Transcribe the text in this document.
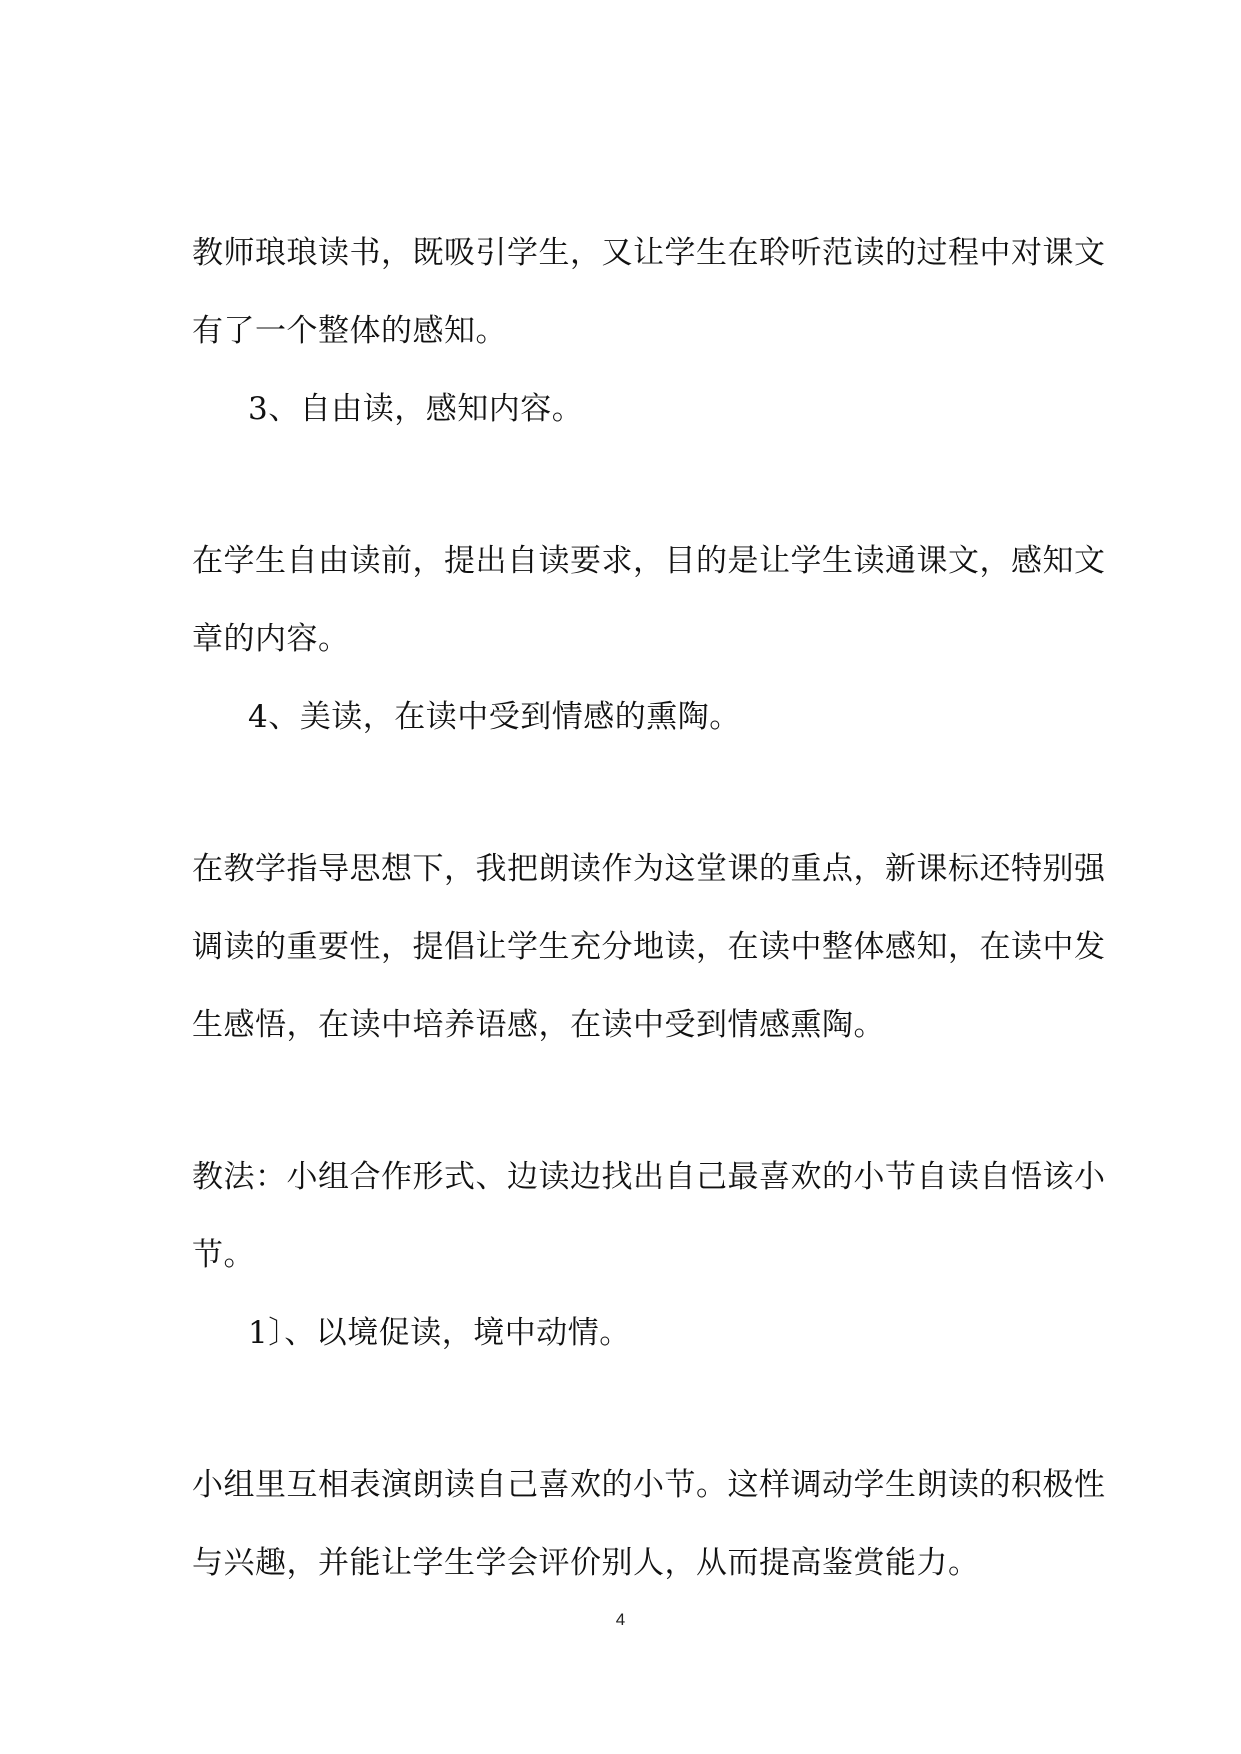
教师琅琅读书，既吸引学生，又让学生在聆听范读的过程中对课文
有了一个整体的感知。
3、自由读，感知内容。
在学生自由读前，提出自读要求，目的是让学生读通课文，感知文
章的内容。
4、美读，在读中受到情感的熏陶。
在教学指导思想下，我把朗读作为这堂课的重点，新课标还特别强
调读的重要性，提倡让学生充分地读，在读中整体感知，在读中发
生感悟，在读中培养语感，在读中受到情感熏陶。
教法：小组合作形式、边读边找出自己最喜欢的小节自读自悟该小
节。
1〕、以境促读，境中动情。
小组里互相表演朗读自己喜欢的小节。这样调动学生朗读的积极性
与兴趣，并能让学生学会评价别人，从而提高鉴赏能力。
4
